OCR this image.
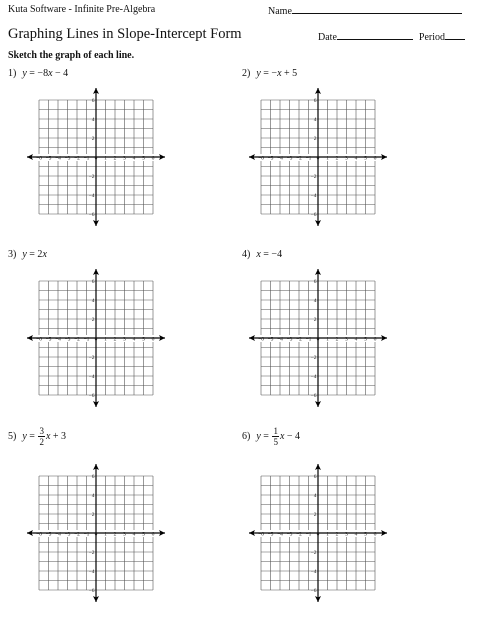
Kuta Software - Infinite Pre-Algebra	Name
Graphing Lines in Slope-Intercept Form	Date	Period
Sketch the graph of each line.
1) y = −8x − 4
−6 −5 −4 −3 −2 −1 0 1 2 3 4 5 6
6
4
2
−2
−4
−6
2) y = −x + 5
−6 −5 −4 −3 −2 −1 0 1 2 3 4 5 6
6
4
2
−2
−4
−6
3) y = 2x
−6 −5 −4 −3 −2 −1 0 1 2 3 4 5 6
6
4
2
−2
−4
−6
4) x = −4
−6 −5 −4 −3 −2 −1 0 1 2 3 4 5 6
6
4
2
−2
−4
−6
5) $y = \frac{3}{2}$ x + 3
−6 −5 −4 −3 −2 −1 0 1 2 3 4 5 6
6
4
2
−2
−4
−6
6) $y = \frac{1}{5}$ x − 4
−6 −5 −4 −3 −2 −1 0 1 2 3 4 5 6
6
4
2
−2
−4
−6
